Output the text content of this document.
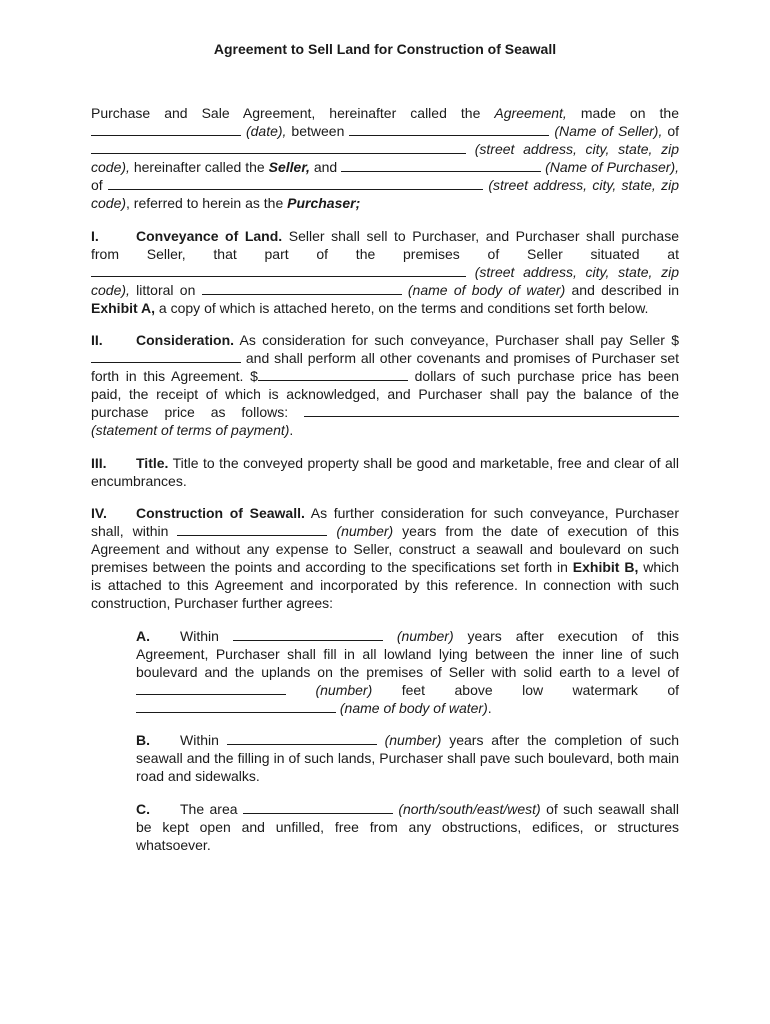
Agreement to Sell Land for Construction of Seawall

Purchase and Sale Agreement, hereinafter called the Agreement, made on the  (date), between	(Name of Seller), of  (street address, city, state, zip code), hereinafter called the Seller, and	(Name of Purchaser), of	(street address, city, state, zip code), referred to herein as the Purchaser;

I.	Conveyance of Land. Seller shall sell to Purchaser, and Purchaser shall purchase from Seller, that part of the premises of Seller situated at  (street address, city, state, zip code), littoral on	(name of body of water) and described in Exhibit A, a copy of which is attached hereto, on the terms and conditions set forth below.

II. Consideration. As consideration for such conveyance, Purchaser shall pay Seller $ and shall perform all other covenants and promises of Purchaser set forth in this Agreement. $	dollars of such purchase price has been paid, the receipt of which is acknowledged, and Purchaser shall pay the balance of the purchase price as follows:  (statement of terms of payment).

III. Title. Title to the conveyed property shall be good and marketable, free and clear of all encumbrances.

IV. Construction of Seawall. As further consideration for such conveyance, Purchaser shall, within	(number) years from the date of execution of this Agreement and without any expense to Seller, construct a seawall and boulevard on such premises between the points and according to the specifications set forth in Exhibit B, which is attached to this Agreement and incorporated by this reference. In connection with such construction, Purchaser further agrees:

A. Within	(number) years after execution of this Agreement, Purchaser shall fill in all lowland lying between the inner line of such boulevard and the uplands on the premises of Seller with solid earth to a level of  (number) feet above low watermark of  (name of body of water).

B. Within	(number) years after the completion of such seawall and the filling in of such lands, Purchaser shall pave such boulevard, both main road and sidewalks.

C. The area	(north/south/east/west) of such seawall shall be kept open and unfilled, free from any obstructions, edifices, or structures whatsoever.
